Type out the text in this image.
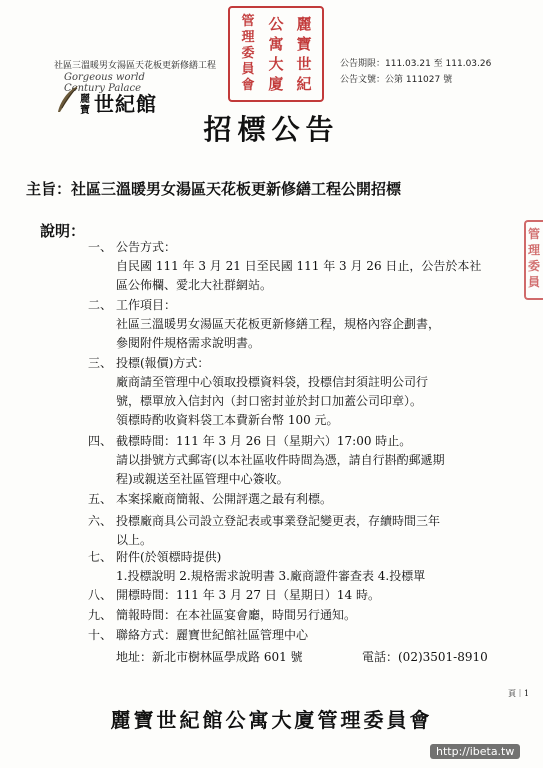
社區三溫暖男女湯區天花板更新修繕工程	公告期限：111.03.21 至 111.03.26
公告文號：公第 111027 號
麗
寶
世
紀
公
寓
大
廈
管
理
委
員
會
管
理
委
員
Gorgeous world Century Palace
麗寶 世紀館
招標公告
主旨：社區三溫暖男女湯區天花板更新修繕工程公開招標
說明：
一、 公告方式：
自民國 111 年 3 月 21 日至民國 111 年 3 月 26 日止，公告於本社
區公佈欄、愛北大社群網站。
二、 工作項目：
社區三溫暖男女湯區天花板更新修繕工程，規格內容企劃書，
參閱附件規格需求說明書。
三、 投標(報價)方式：
廠商請至管理中心領取投標資料袋，投標信封須註明公司行
號，標單放入信封內（封口密封並於封口加蓋公司印章）。
領標時酌收資料袋工本費新台幣 100 元。
四、 截標時間：111 年 3 月 26 日（星期六）17:00 時止。
請以掛號方式郵寄(以本社區收件時間為憑，請自行斟酌郵遞期
程)或親送至社區管理中心簽收。
五、 本案採廠商簡報、公開評選之最有利標。
六、 投標廠商具公司設立登記表或事業登記變更表，存續時間三年
以上。
七、 附件(於領標時提供)
1.投標說明 2.規格需求說明書 3.廠商證件審查表 4.投標單
八、 開標時間：111 年 3 月 27 日（星期日）14 時。
九、 簡報時間：在本社區宴會廳，時間另行通知。
十、 聯絡方式：麗寶世紀館社區管理中心
地址：新北市樹林區學成路 601 號	電話：(02)3501-8910
頁｜1
麗寶世紀館公寓大廈管理委員會
http://ibeta.tw
